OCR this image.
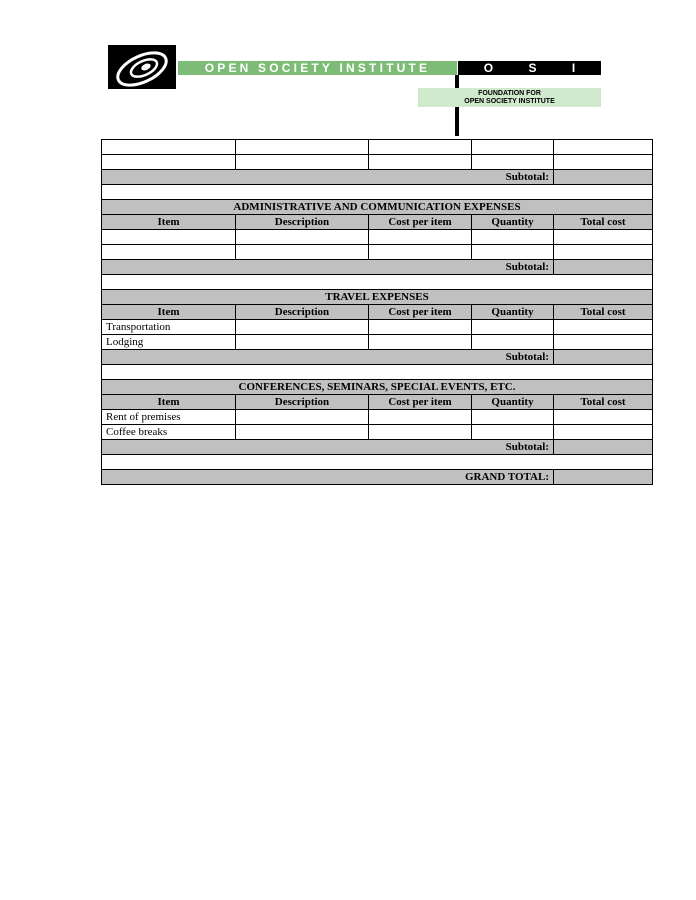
OPEN SOCIETY INSTITUTE	O	S	I
FOUNDATION FOR
OPEN SOCIETY INSTITUTE

Subtotal:				

ADMINISTRATIVE AND COMMUNICATION EXPENSES				
Item	Description	Cost per item	Quantity	Total cost

Subtotal:				

TRAVEL EXPENSES				
Item	Description	Cost per item	Quantity	Total cost
Transportation				
Lodging				
Subtotal:				

CONFERENCES, SEMINARS, SPECIAL EVENTS, ETC.				
Item	Description	Cost per item	Quantity	Total cost
Rent of premises				
Coffee breaks				
Subtotal:				

GRAND TOTAL:				
